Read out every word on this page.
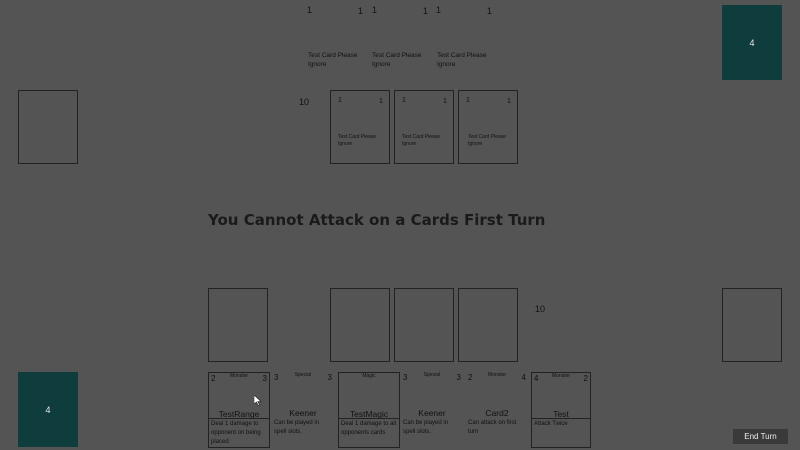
4
1	1
Test Card Please Ignore
1	1
Test Card Please Ignore
1	1
Test Card Please Ignore
10	1	1
Test Card Please Ignore
1	1
Test Card Please Ignore
1	1
Test Card Please Ignore
You Cannot Attack on a Cards First Turn
10
4
Monster
2	3
TestRange
Deal 1 damage to opponent on being placed
Special
3	3
Keener
Can be played in spell slots.
Magic
TestMagic
Deal 1 damage to all opponents cards
Special
3	3
Keener
Can be played in spell slots.
Monster
2	4
Card2
Can attack on first turn
Monster
4	2
Test
Attack Twice
End Turn
